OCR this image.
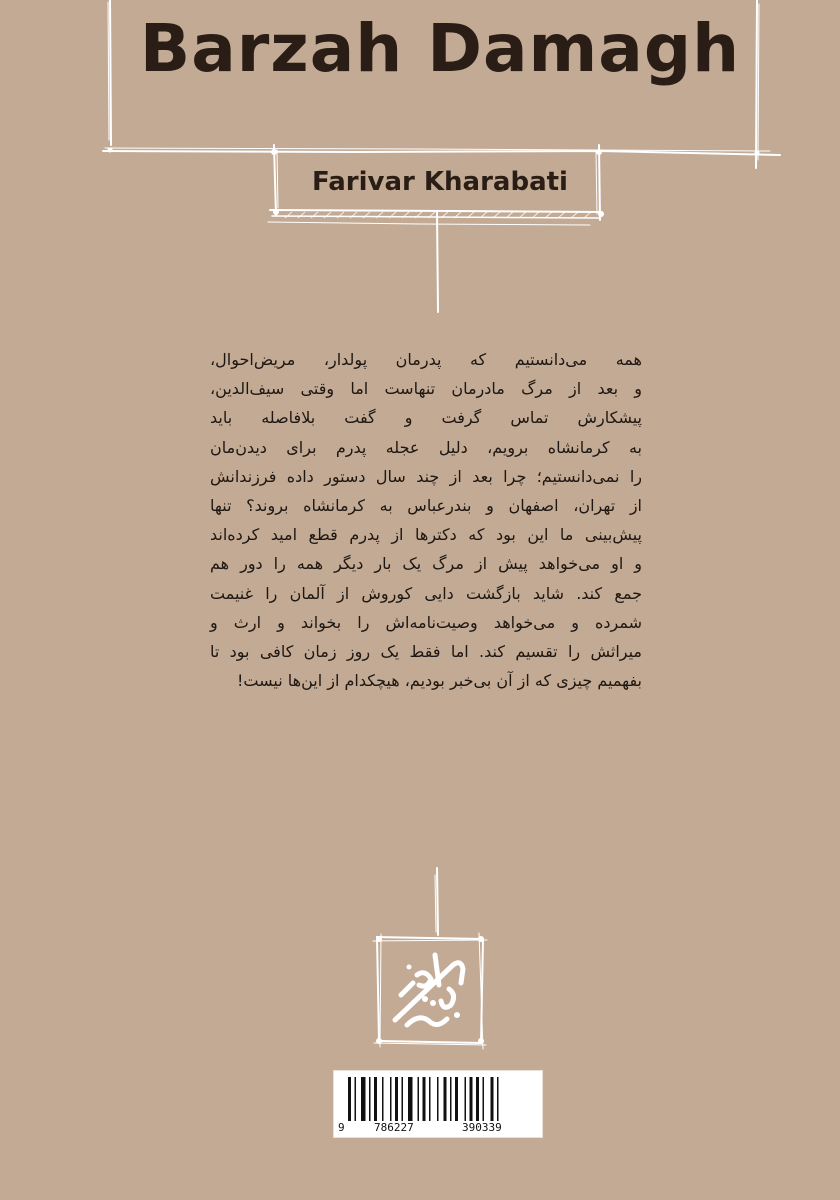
Barzah Damagh
Farivar Kharabati
همه می‌دانستیم که پدرمان پولدار، مریض‌احوال،
و بعد از مرگ مادرمان تنهاست اما وقتی سیف‌الدین،
پیشکارش تماس گرفت و گفت بلافاصله باید
به کرمانشاه برویم، دلیل عجله پدرم برای دیدن‌مان
را نمی‌دانستیم؛ چرا بعد از چند سال دستور داده فرزندانش
از تهران، اصفهان و بندرعباس به کرمانشاه بروند؟ تنها
پیش‌بینی ما این بود که دکترها از پدرم قطع امید کرده‌اند
و او می‌خواهد پیش از مرگ یک بار دیگر همه را دور هم
جمع کند. شاید بازگشت دایی کوروش از آلمان را غنیمت
شمرده و می‌خواهد وصیت‌نامه‌اش را بخواند و ارث و
میراثش را تقسیم کند. اما فقط یک روز زمان کافی بود تا
بفهمیم چیزی که از آن بی‌خبر بودیم، هیچکدام از این‌ها نیست!
9	786227	390339
